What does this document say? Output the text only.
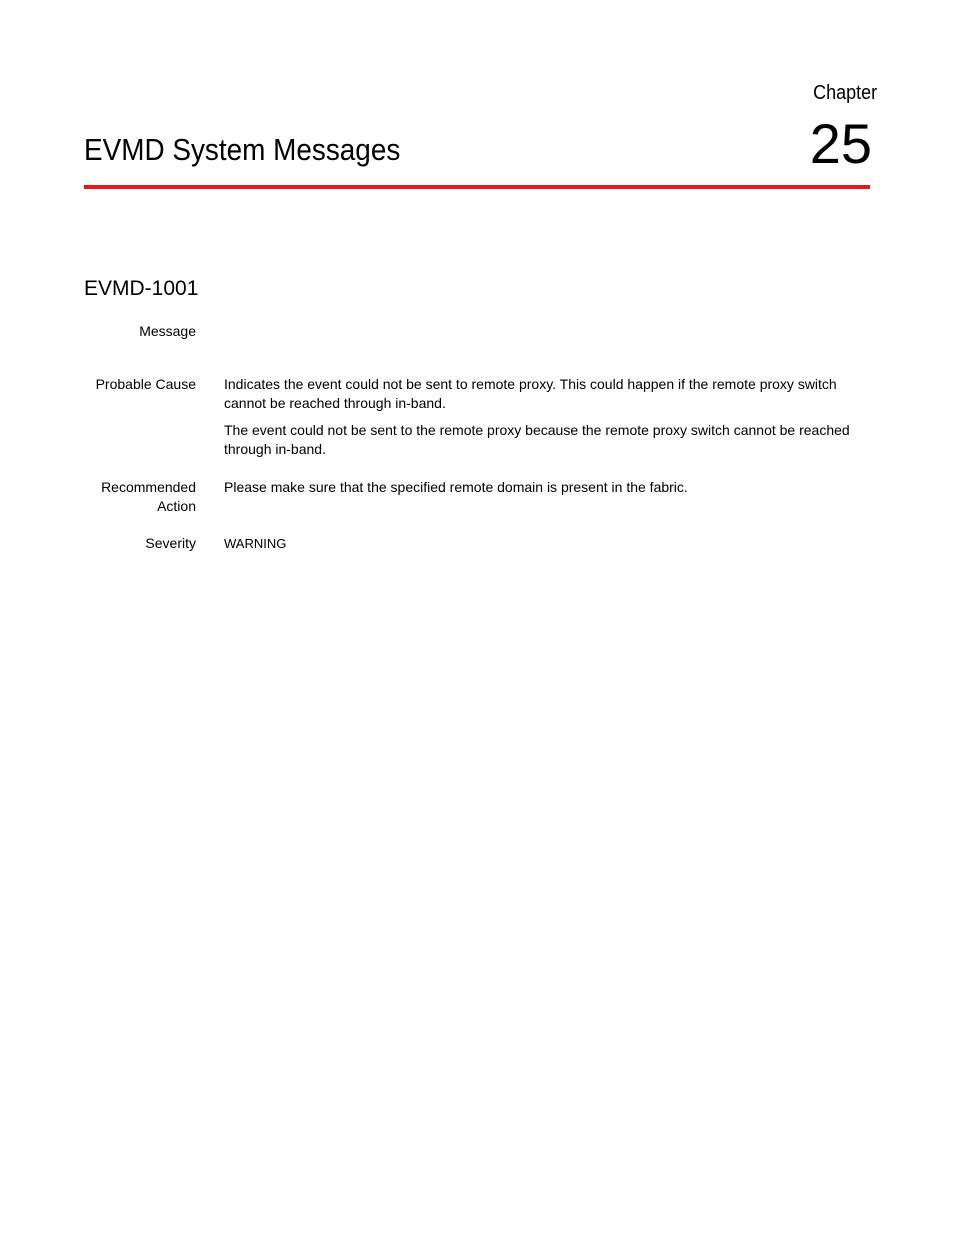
Chapter
25
EVMD System Messages
EVMD-1001
Message
Probable Cause Indicates the event could not be sent to remote proxy. This could happen if the remote proxy switch cannot be reached through in-band.

The event could not be sent to the remote proxy because the remote proxy switch cannot be reached through in-band.

Recommended
Action

Please make sure that the specified remote domain is present in the fabric.

Severity WARNING
